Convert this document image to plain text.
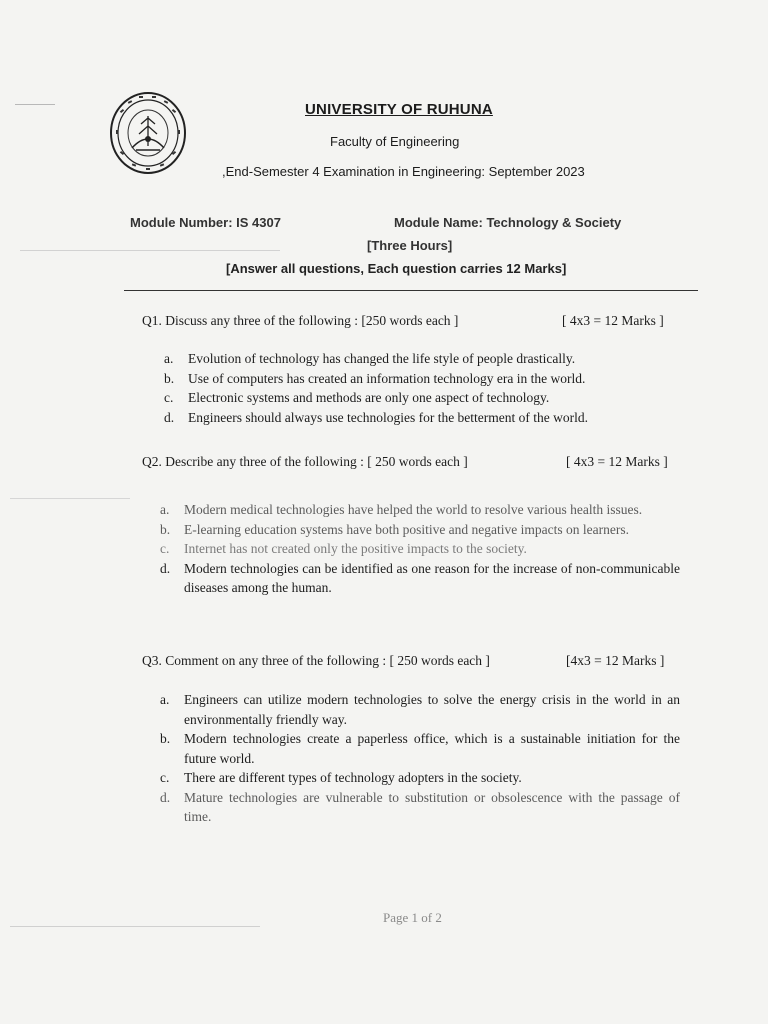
UNIVERSITY OF RUHUNA
Faculty of Engineering
,End-Semester 4 Examination in Engineering: September 2023
Module Number: IS 4307	Module Name: Technology & Society
[Three Hours]
[Answer all questions, Each question carries 12 Marks]
Q1. Discuss any three of the following : [250 words each ]	[ 4x3 = 12 Marks ]
a. Evolution of technology has changed the life style of people drastically.
b. Use of computers has created an information technology era in the world.
c. Electronic systems and methods are only one aspect of technology.
d. Engineers should always use technologies for the betterment of the world.
Q2. Describe any three of the following : [ 250 words each ]	[ 4x3 = 12 Marks ]
a. Modern medical technologies have helped the world to resolve various health issues.
b. E-learning education systems have both positive and negative impacts on learners.
c. Internet has not created only the positive impacts to the society.
d. Modern technologies can be identified as one reason for the increase of non-communicable diseases among the human.
Q3. Comment on any three of the following : [ 250 words each ]	[4x3 = 12 Marks ]
a. Engineers can utilize modern technologies to solve the energy crisis in the world in an environmentally friendly way.
b. Modern technologies create a paperless office, which is a sustainable initiation for the future world.
c. There are different types of technology adopters in the society.
d. Mature technologies are vulnerable to substitution or obsolescence with the passage of time.
Page 1 of 2
